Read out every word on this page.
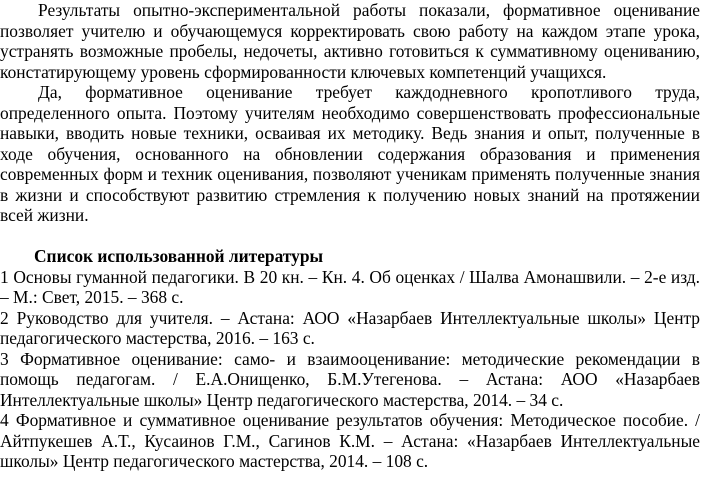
Результаты опытно-экспериментальной работы показали, формативное оценивание позволяет учителю и обучающемуся корректировать свою работу на каждом этапе урока, устранять возможные пробелы, недочеты, активно готовиться к суммативному оцениванию, констатирующему уровень сформированности ключевых компетенций учащихся.

Да, формативное оценивание требует каждодневного кропотливого труда, определенного опыта. Поэтому учителям необходимо совершенствовать профессиональные навыки, вводить новые техники, осваивая их методику. Ведь знания и опыт, полученные в ходе обучения, основанного на обновлении содержания образования и применения современных форм и техник оценивания, позволяют ученикам применять полученные знания в жизни и способствуют развитию стремления к получению новых знаний на протяжении всей жизни.

Список использованной литературы

1 Основы гуманной педагогики. В 20 кн. – Кн. 4. Об оценках / Шалва Амонашвили. – 2-е изд. – М.: Свет, 2015. – 368 с.

2 Руководство для учителя. – Астана: АОО «Назарбаев Интеллектуальные школы» Центр педагогического мастерства, 2016. – 163 с.

3 Формативное оценивание: само- и взаимооценивание: методические рекомендации в помощь педагогам. / Е.А.Онищенко, Б.М.Утегенова. – Астана: АОО «Назарбаев Интеллектуальные школы» Центр педагогического мастерства, 2014. – 34 с.

4 Формативное и суммативное оценивание результатов обучения: Методическое пособие. / Айтпукешев А.Т., Кусаинов Г.М., Сагинов К.М. – Астана: «Назарбаев Интеллектуальные школы» Центр педагогического мастерства, 2014. – 108 с.
